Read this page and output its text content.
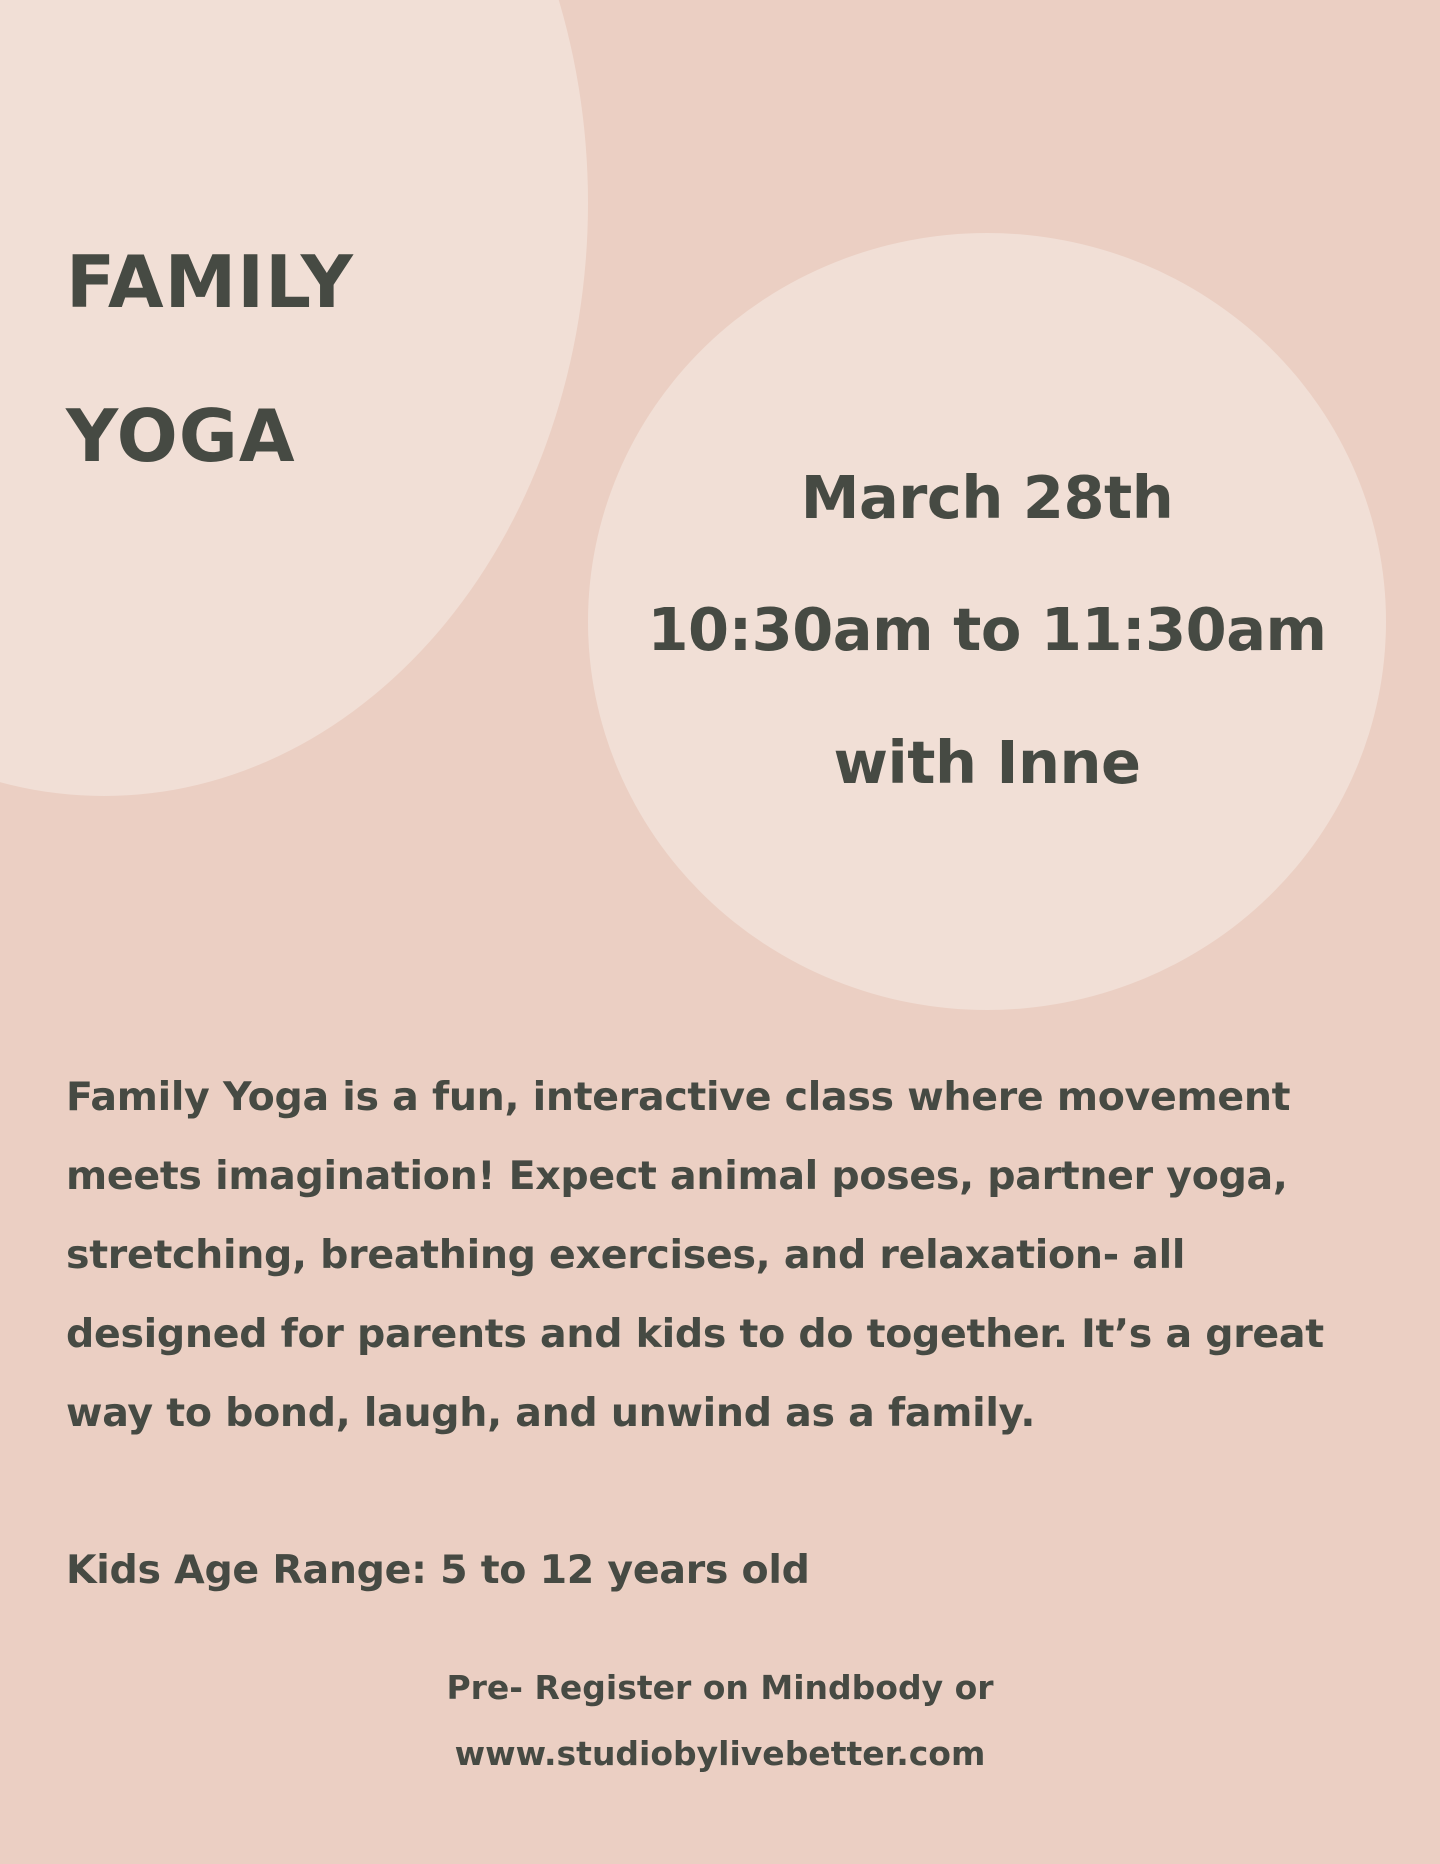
FAMILY
YOGA

March 28th

10:30am to 11:30am

with Inne

Family Yoga is a fun, interactive class where movement meets imagination! Expect animal poses, partner yoga, stretching, breathing exercises, and relaxation- all designed for parents and kids to do together. It’s a great way to bond, laugh, and unwind as a family.

Kids Age Range: 5 to 12 years old

Pre- Register on Mindbody or

www.studiobylivebetter.com
